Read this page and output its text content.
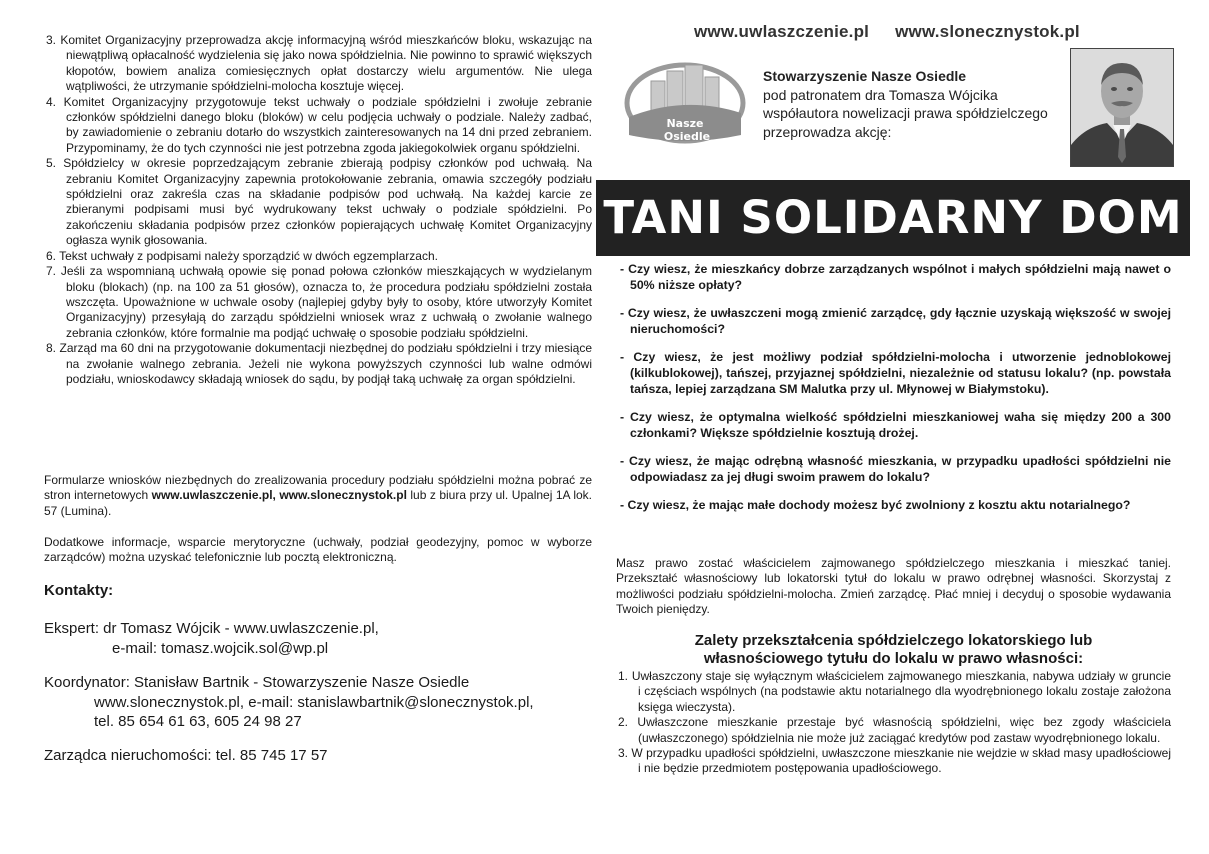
3. Komitet Organizacyjny przeprowadza akcję informacyjną wśród mieszkańców bloku, wskazując na niewątpliwą opłacalność wydzielenia się jako nowa spółdzielnia. Nie powinno to sprawić większych kłopotów, bowiem analiza comiesięcznych opłat dostarczy wielu argumentów. Nie ulega wątpliwości, że utrzymanie spółdzielni-molocha kosztuje więcej.
4. Komitet Organizacyjny przygotowuje tekst uchwały o podziale spółdzielni i zwołuje zebranie członków spółdzielni danego bloku (bloków) w celu podjęcia uchwały o podziale. Należy zadbać, by zawiadomienie o zebraniu dotarło do wszystkich zainteresowanych na 14 dni przed zebraniem. Przypominamy, że do tych czynności nie jest potrzebna zgoda jakiegokolwiek organu spółdzielni.
5. Spółdzielcy w okresie poprzedzającym zebranie zbierają podpisy członków pod uchwałą. Na zebraniu Komitet Organizacyjny zapewnia protokołowanie zebrania, omawia szczegóły podziału spółdzielni oraz zakreśla czas na składanie podpisów pod uchwałą. Na każdej karcie ze zbieranymi podpisami musi być wydrukowany tekst uchwały o podziale spółdzielni. Po zakończeniu składania podpisów przez członków popierających uchwałę Komitet Organizacyjny ogłasza wynik głosowania.
6. Tekst uchwały z podpisami należy sporządzić w dwóch egzemplarzach.
7. Jeśli za wspomnianą uchwałą opowie się ponad połowa członków mieszkających w wydzielanym bloku (blokach) (np. na 100 za 51 głosów), oznacza to, że procedura podziału spółdzielni została wszczęta. Upoważnione w uchwale osoby (najlepiej gdyby były to osoby, które utworzyły Komitet Organizacyjny) przesyłają do zarządu spółdzielni wniosek wraz z uchwałą o zwołanie walnego zebrania członków, które formalnie ma podjąć uchwałę o sposobie podziału spółdzielni.
8. Zarząd ma 60 dni na przygotowanie dokumentacji niezbędnej do podziału spółdzielni i trzy miesiące na zwołanie walnego zebrania. Jeżeli nie wykona powyższych czynności lub walne odmówi podziału, wnioskodawcy składają wniosek do sądu, by podjął taką uchwałę za organ spółdzielni.

Formularze wniosków niezbędnych do zrealizowania procedury podziału spółdzielni można pobrać ze stron internetowych www.uwlaszczenie.pl, www.slonecznystok.pl lub z biura przy ul. Upalnej 1A lok. 57 (Lumina).

Dodatkowe informacje, wsparcie merytoryczne (uchwały, podział geodezyjny, pomoc w wyborze zarządców) można uzyskać telefonicznie lub pocztą elektroniczną.

Kontakty:
Ekspert: dr Tomasz Wójcik - www.uwlaszczenie.pl,
e-mail: tomasz.wojcik.sol@wp.pl
Koordynator: Stanisław Bartnik - Stowarzyszenie Nasze Osiedle
www.slonecznystok.pl, e-mail: stanislawbartnik@slonecznystok.pl,
tel. 85 654 61 63, 605 24 98 27
Zarządca nieruchomości: tel. 85 745 17 57
www.uwlaszczenie.pl www.slonecznystok.pl
Nasze
Osiedle
Stowarzyszenie Nasze Osiedle
pod patronatem dra Tomasza Wójcika
współautora nowelizacji prawa spółdzielczego
przeprowadza akcję:
TANI SOLIDARNY DOM
- Czy wiesz, że mieszkańcy dobrze zarządzanych wspólnot i małych spółdzielni mają nawet o 50% niższe opłaty?
- Czy wiesz, że uwłaszczeni mogą zmienić zarządcę, gdy łącznie uzyskają większość w swojej nieruchomości?
- Czy wiesz, że jest możliwy podział spółdzielni-molocha i utworzenie jednoblokowej (kilkublokowej), tańszej, przyjaznej spółdzielni, niezależnie od statusu lokalu? (np. powstała tańsza, lepiej zarządzana SM Malutka przy ul. Młynowej w Białymstoku).
- Czy wiesz, że optymalna wielkość spółdzielni mieszkaniowej waha się między 200 a 300 członkami? Większe spółdzielnie kosztują drożej.
- Czy wiesz, że mając odrębną własność mieszkania, w przypadku upadłości spółdzielni nie odpowiadasz za jej długi swoim prawem do lokalu?
- Czy wiesz, że mając małe dochody możesz być zwolniony z kosztu aktu notarialnego?

Masz prawo zostać właścicielem zajmowanego spółdzielczego mieszkania i mieszkać taniej. Przekształć własnościowy lub lokatorski tytuł do lokalu w prawo odrębnej własności. Skorzystaj z możliwości podziału spółdzielni-molocha. Zmień zarządcę. Płać mniej i decyduj o sposobie wydawania Twoich pieniędzy.

Zalety przekształcenia spółdzielczego lokatorskiego lub
własnościowego tytułu do lokalu w prawo własności:
1. Uwłaszczony staje się wyłącznym właścicielem zajmowanego mieszkania, nabywa udziały w gruncie i częściach wspólnych (na podstawie aktu notarialnego dla wyodrębnionego lokalu zostaje założona księga wieczysta).
2. Uwłaszczone mieszkanie przestaje być własnością spółdzielni, więc bez zgody właściciela (uwłaszczonego) spółdzielnia nie może już zaciągać kredytów pod zastaw wyodrębnionego lokalu.
3. W przypadku upadłości spółdzielni, uwłaszczone mieszkanie nie wejdzie w skład masy upadłościowej i nie będzie przedmiotem postępowania upadłościowego.
